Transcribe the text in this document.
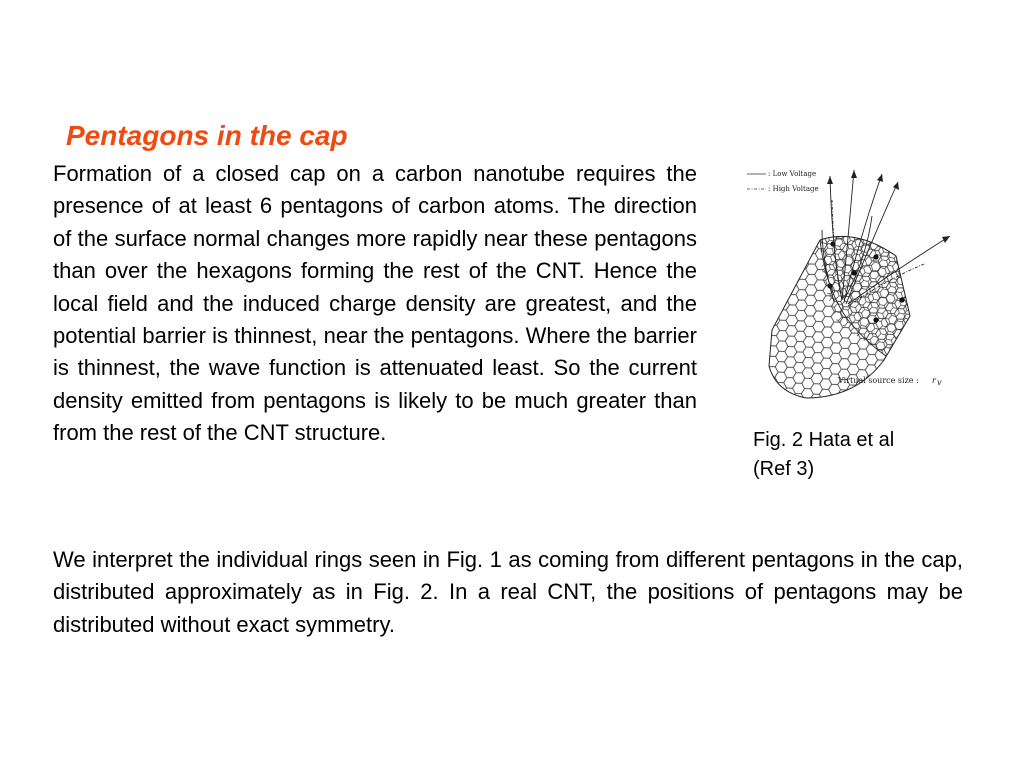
Pentagons in the cap
Formation of a closed cap on a carbon nanotube requires the presence of at least 6 pentagons of carbon atoms. The direction of the surface normal changes more rapidly near these pentagons than over the hexagons forming the rest of the CNT. Hence the local field and the induced charge density are greatest, and the potential barrier is thinnest, near the pentagons. Where the barrier is thinnest, the wave function is attenuated least. So the current density emitted from pentagons is likely to be much greater than from the rest of the CNT structure.
: Low Voltage
: High Voltage
Virtual source size : r v
Fig. 2 Hata et al
(Ref 3)
We interpret the individual rings seen in Fig. 1 as coming from different pentagons in the cap, distributed approximately as in Fig. 2. In a real CNT, the positions of pentagons may be distributed without exact symmetry.
